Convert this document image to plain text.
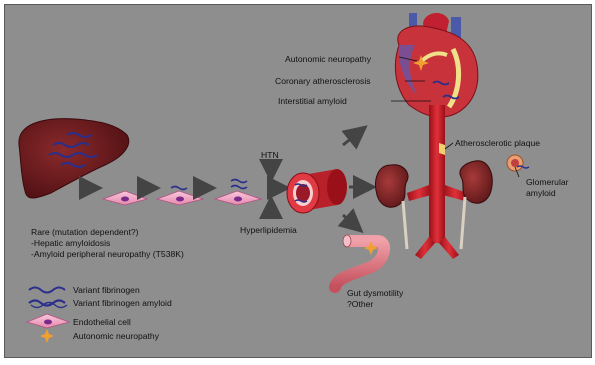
Autonomic neuropathy
Coronary atherosclerosis
Interstitial amyloid
Atherosclerotic plaque
Glomerular
amyloid
HTN
Hyperlipidemia
Gut dysmotility
?Other
Rare (mutation dependent?)
-Hepatic amyloidosis
-Amyloid peripheral neuropathy (T538K)
Variant fibrinogen
Variant fibrinogen amyloid
Endothelial cell
Autonomic neuropathy
